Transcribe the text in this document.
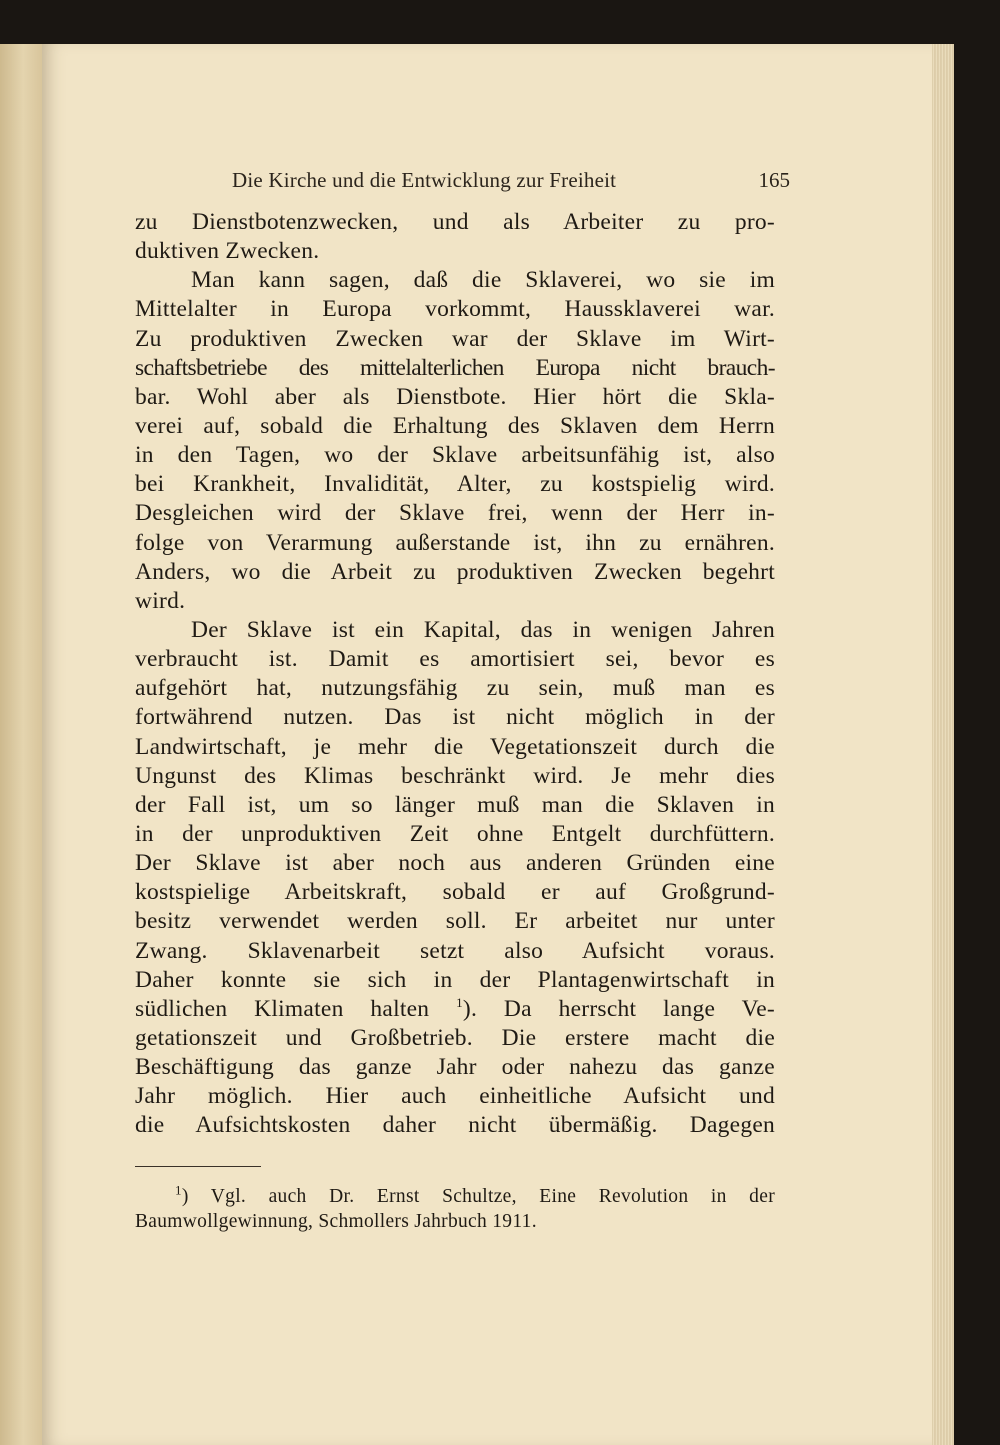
Die Kirche und die Entwicklung zur Freiheit	165
zu Dienstbotenzwecken, und als Arbeiter zu pro-
duktiven Zwecken.
Man kann sagen, daß die Sklaverei, wo sie im
Mittelalter in Europa vorkommt, Haussklaverei war.
Zu produktiven Zwecken war der Sklave im Wirt-
schaftsbetriebe des mittelalterlichen Europa nicht brauch-
bar. Wohl aber als Dienstbote. Hier hört die Skla-
verei auf, sobald die Erhaltung des Sklaven dem Herrn
in den Tagen, wo der Sklave arbeitsunfähig ist, also
bei Krankheit, Invalidität, Alter, zu kostspielig wird.
Desgleichen wird der Sklave frei, wenn der Herr in-
folge von Verarmung außerstande ist, ihn zu ernähren.
Anders, wo die Arbeit zu produktiven Zwecken begehrt
wird.
Der Sklave ist ein Kapital, das in wenigen Jahren
verbraucht ist. Damit es amortisiert sei, bevor es
aufgehört hat, nutzungsfähig zu sein, muß man es
fortwährend nutzen. Das ist nicht möglich in der
Landwirtschaft, je mehr die Vegetationszeit durch die
Ungunst des Klimas beschränkt wird. Je mehr dies
der Fall ist, um so länger muß man die Sklaven in
in der unproduktiven Zeit ohne Entgelt durchfüttern.
Der Sklave ist aber noch aus anderen Gründen eine
kostspielige Arbeitskraft, sobald er auf Großgrund-
besitz verwendet werden soll. Er arbeitet nur unter
Zwang. Sklavenarbeit setzt also Aufsicht voraus.
Daher konnte sie sich in der Plantagenwirtschaft in
südlichen Klimaten halten $^1$). Da herrscht lange Ve-
getationszeit und Großbetrieb. Die erstere macht die
Beschäftigung das ganze Jahr oder nahezu das ganze
Jahr möglich. Hier auch einheitliche Aufsicht und
die Aufsichtskosten daher nicht übermäßig. Dagegen
$^1$) Vgl. auch Dr. Ernst Schultze, Eine Revolution in der
Baumwollgewinnung, Schmollers Jahrbuch 1911.
